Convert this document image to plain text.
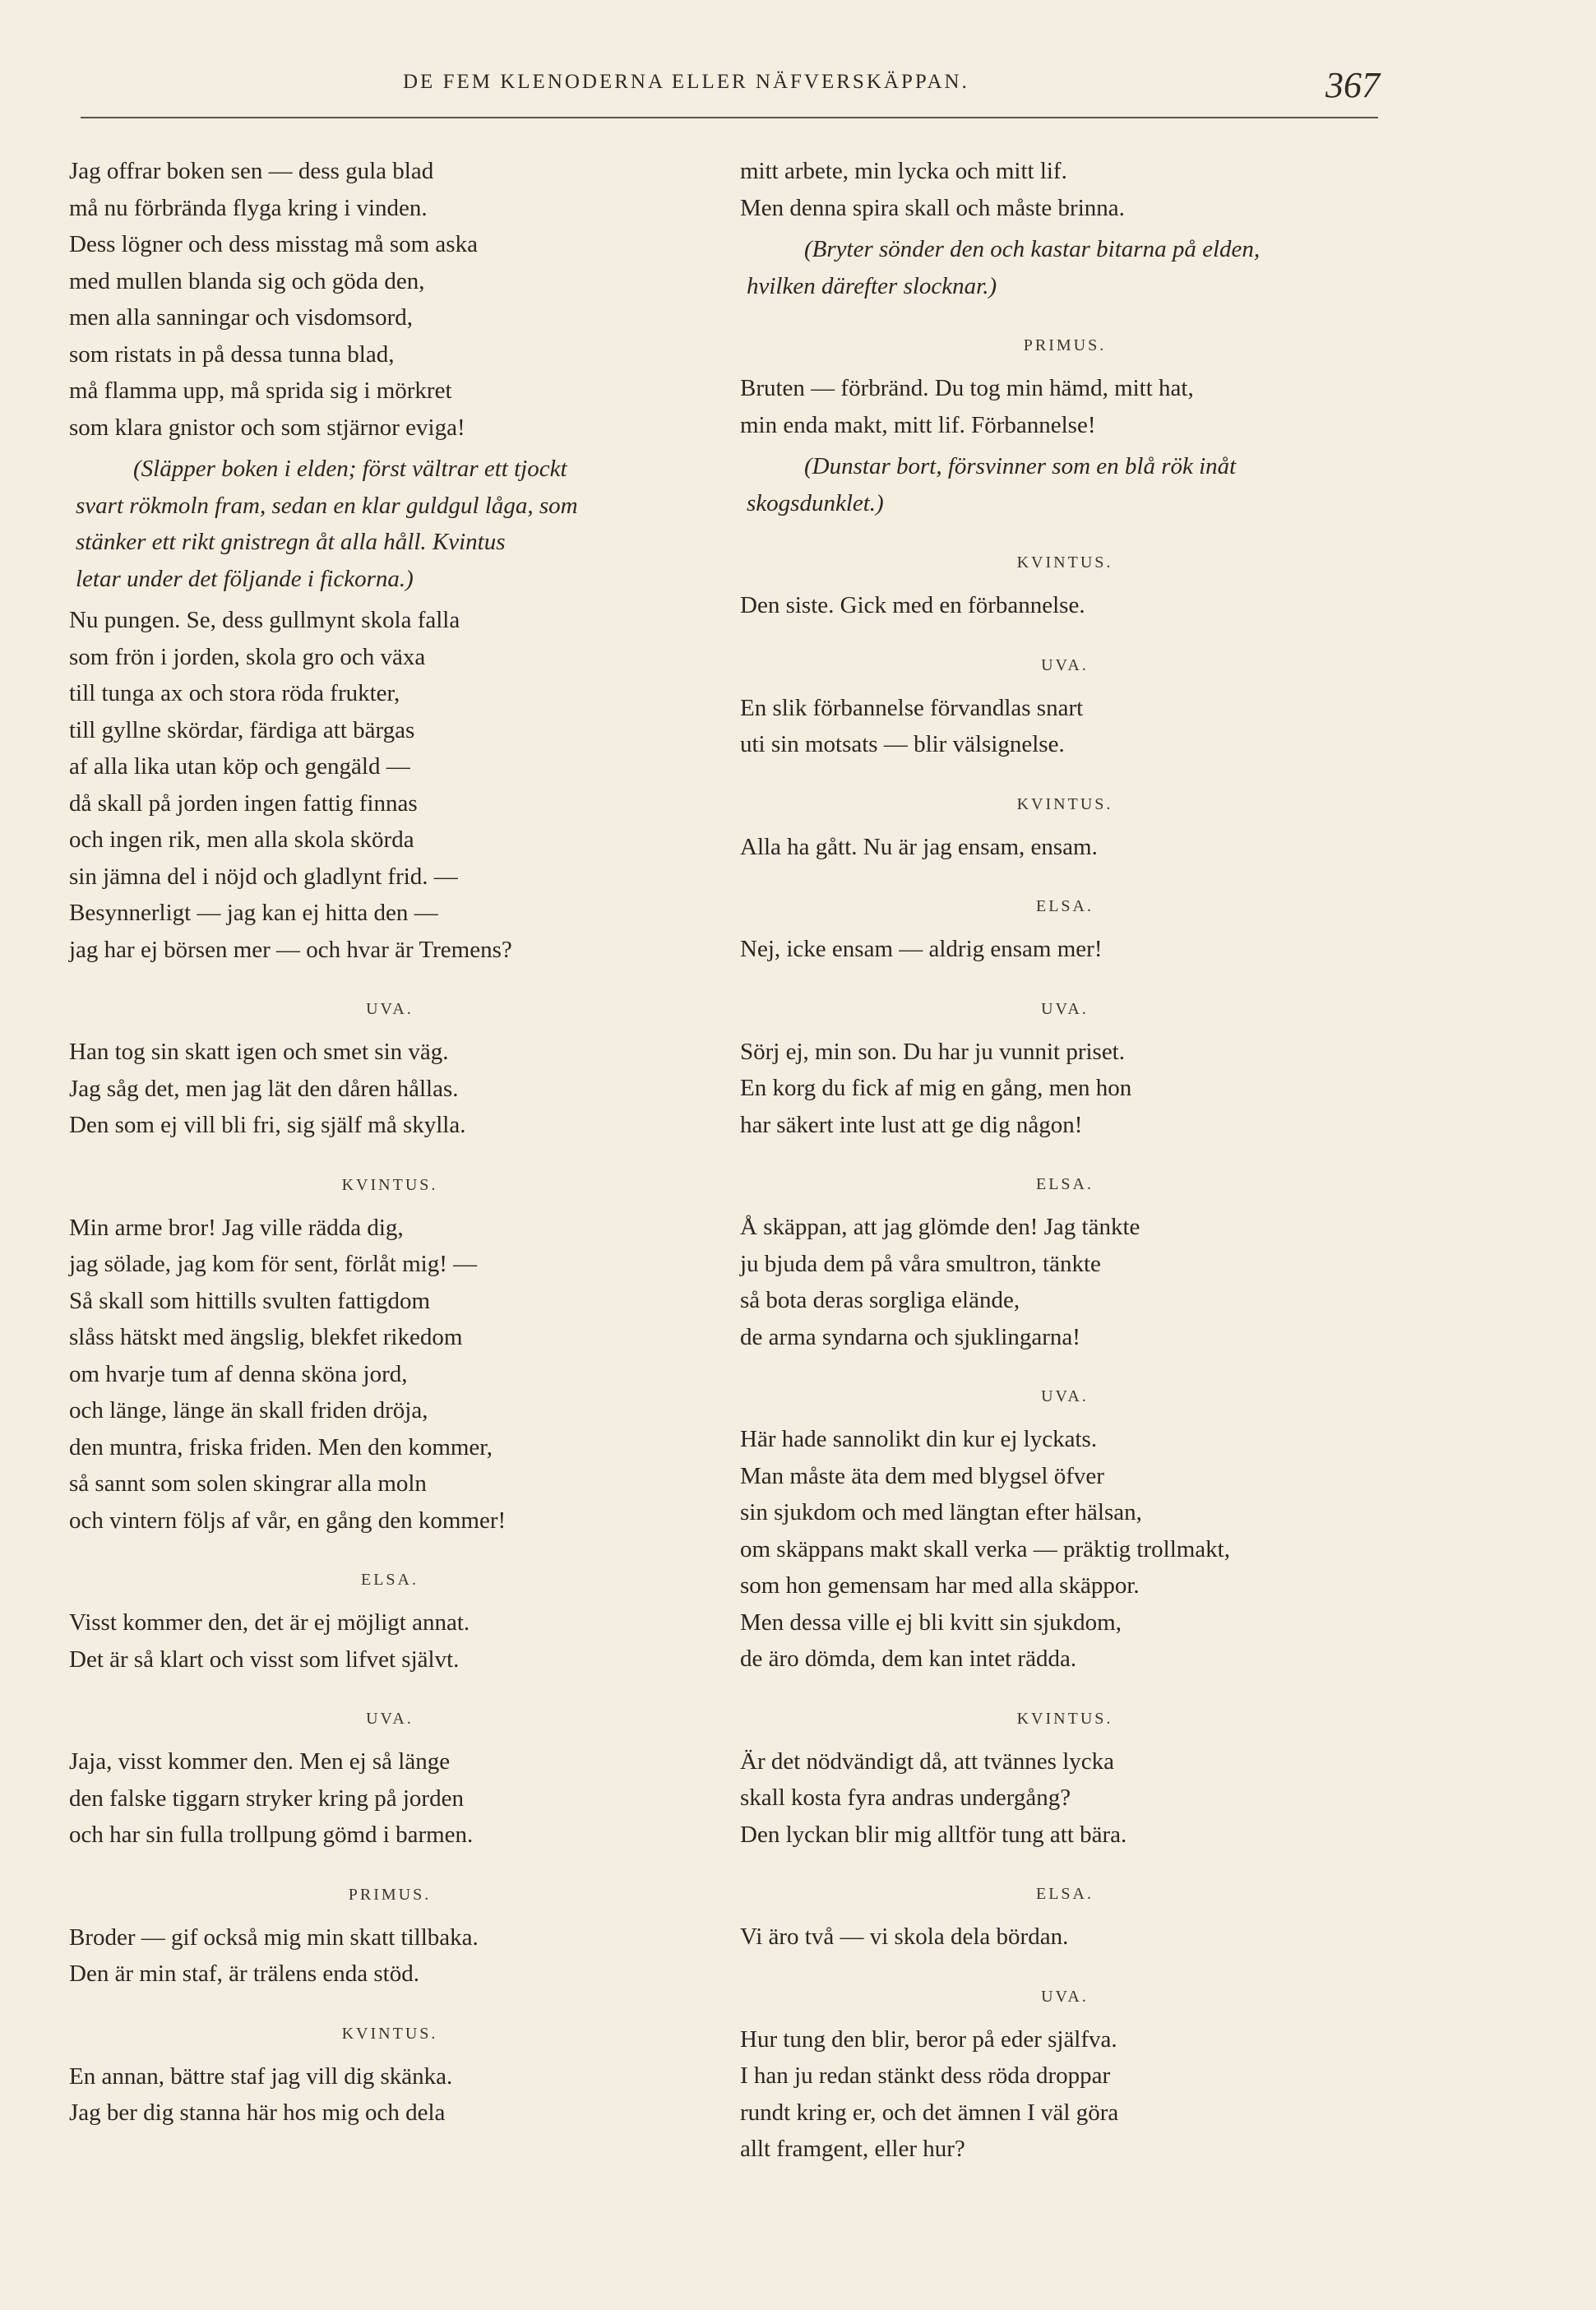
DE FEM KLENODERNA ELLER NÄFVERSKÄPPAN.	367
Jag offrar boken sen — dess gula blad
må nu förbrända flyga kring i vinden.
Dess lögner och dess misstag må som aska
med mullen blanda sig och göda den,
men alla sanningar och visdomsord,
som ristats in på dessa tunna blad,
må flamma upp, må sprida sig i mörkret
som klara gnistor och som stjärnor eviga!
(Släpper boken i elden; först vältrar ett tjockt
svart rökmoln fram, sedan en klar guldgul låga, som
stänker ett rikt gnistregn åt alla håll. Kvintus
letar under det följande i fickorna.)
Nu pungen. Se, dess gullmynt skola falla
som frön i jorden, skola gro och växa
till tunga ax och stora röda frukter,
till gyllne skördar, färdiga att bärgas
af alla lika utan köp och gengäld —
då skall på jorden ingen fattig finnas
och ingen rik, men alla skola skörda
sin jämna del i nöjd och gladlynt frid. —
Besynnerligt — jag kan ej hitta den —
jag har ej börsen mer — och hvar är Tremens?
UVA.
Han tog sin skatt igen och smet sin väg.
Jag såg det, men jag lät den dåren hållas.
Den som ej vill bli fri, sig själf må skylla.
KVINTUS.
Min arme bror! Jag ville rädda dig,
jag sölade, jag kom för sent, förlåt mig! —
Så skall som hittills svulten fattigdom
slåss hätskt med ängslig, blekfet rikedom
om hvarje tum af denna sköna jord,
och länge, länge än skall friden dröja,
den muntra, friska friden. Men den kommer,
så sannt som solen skingrar alla moln
och vintern följs af vår, en gång den kommer!
ELSA.
Visst kommer den, det är ej möjligt annat.
Det är så klart och visst som lifvet självt.
UVA.
Jaja, visst kommer den. Men ej så länge
den falske tiggarn stryker kring på jorden
och har sin fulla trollpung gömd i barmen.
PRIMUS.
Broder — gif också mig min skatt tillbaka.
Den är min staf, är trälens enda stöd.
KVINTUS.
En annan, bättre staf jag vill dig skänka.
Jag ber dig stanna här hos mig och dela
mitt arbete, min lycka och mitt lif.
Men denna spira skall och måste brinna.
(Bryter sönder den och kastar bitarna på elden,
hvilken därefter slocknar.)
PRIMUS.
Bruten — förbränd. Du tog min hämd, mitt hat,
min enda makt, mitt lif. Förbannelse!
(Dunstar bort, försvinner som en blå rök inåt
skogsdunklet.)
KVINTUS.
Den siste. Gick med en förbannelse.
UVA.
En slik förbannelse förvandlas snart
uti sin motsats — blir välsignelse.
KVINTUS.
Alla ha gått. Nu är jag ensam, ensam.
ELSA.
Nej, icke ensam — aldrig ensam mer!
UVA.
Sörj ej, min son. Du har ju vunnit priset.
En korg du fick af mig en gång, men hon
har säkert inte lust att ge dig någon!
ELSA.
Å skäppan, att jag glömde den! Jag tänkte
ju bjuda dem på våra smultron, tänkte
så bota deras sorgliga elände,
de arma syndarna och sjuklingarna!
UVA.
Här hade sannolikt din kur ej lyckats.
Man måste äta dem med blygsel öfver
sin sjukdom och med längtan efter hälsan,
om skäppans makt skall verka — präktig trollmakt,
som hon gemensam har med alla skäppor.
Men dessa ville ej bli kvitt sin sjukdom,
de äro dömda, dem kan intet rädda.
KVINTUS.
Är det nödvändigt då, att tvännes lycka
skall kosta fyra andras undergång?
Den lyckan blir mig alltför tung att bära.
ELSA.
Vi äro två — vi skola dela bördan.
UVA.
Hur tung den blir, beror på eder själfva.
I han ju redan stänkt dess röda droppar
rundt kring er, och det ämnen I väl göra
allt framgent, eller hur?
